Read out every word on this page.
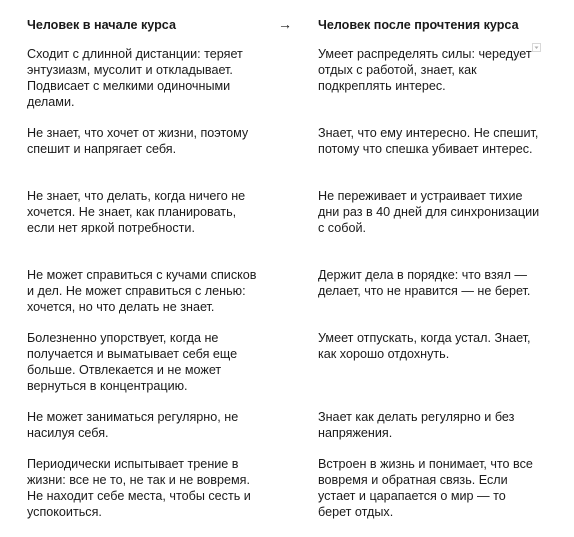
Человек в начале курса	→ Человек после прочтения курса

Сходит с длинной дистанции: теряет энтузиазм, мусолит и откладывает. Подвисает с мелкими одиночными делами.

Не знает, что хочет от жизни, поэтому спешит и напрягает себя.

Не знает, что делать, когда ничего не хочется. Не знает, как планировать, если нет яркой потребности.

Не может справиться с кучами списков и дел. Не может справиться с ленью: хочется, но что делать не знает.

Болезненно упорствует, когда не получается и выматывает себя еще больше. Отвлекается и не может вернуться в концентрацию.

Не может заниматься регулярно, не насилуя себя.

Периодически испытывает трение в жизни: все не то, не так и не вовремя. Не находит себе места, чтобы сесть и успокоиться.

Умеет распределять силы: чередует отдых с работой, знает, как подкреплять интерес.

Знает, что ему интересно. Не спешит, потому что спешка убивает интерес.

Не переживает и устраивает тихие дни раз в 40 дней для синхронизации с собой.

Держит дела в порядке: что взял — делает, что не нравится — не берет.

Умеет отпускать, когда устал. Знает, как хорошо отдохнуть.

Знает как делать регулярно и без напряжения.

Встроен в жизнь и понимает, что все вовремя и обратная связь. Если устает и царапается о мир — то берет отдых.
